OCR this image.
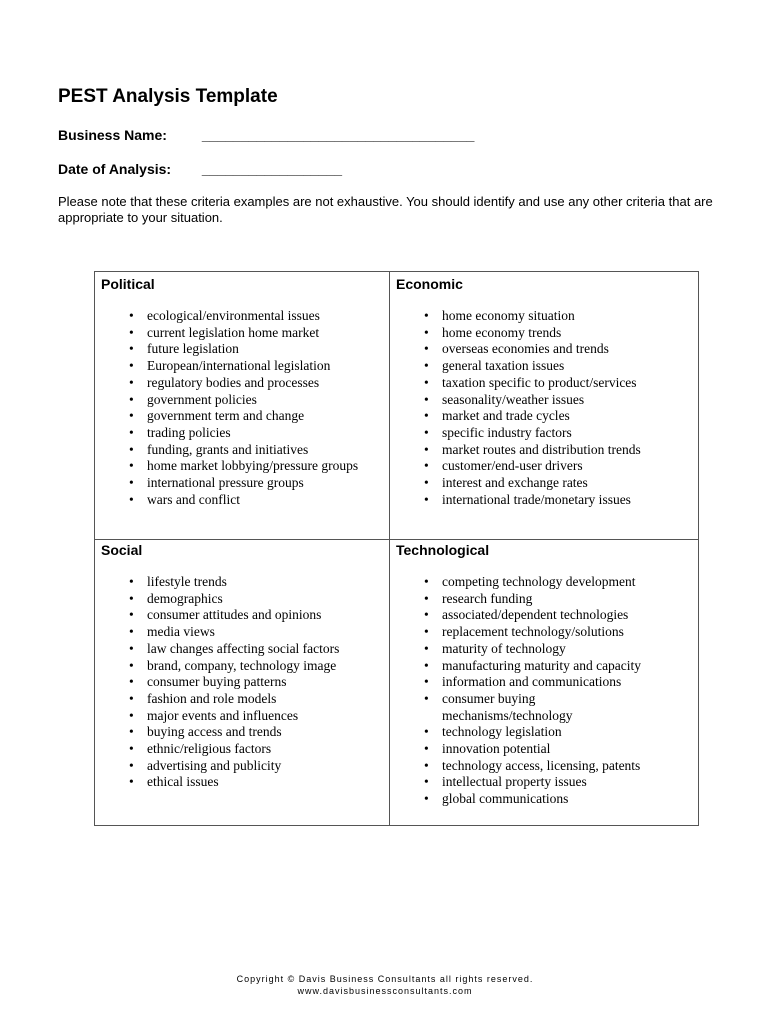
PEST Analysis Template
Business Name: ___________________________________
Date of Analysis: __________________
Please note that these criteria examples are not exhaustive. You should identify and use any other criteria that are appropriate to your situation.
Political
• ecological/environmental issues
• current legislation home market
• future legislation
• European/international legislation
• regulatory bodies and processes
• government policies
• government term and change
• trading policies
• funding, grants and initiatives
• home market lobbying/pressure groups
• international pressure groups
• wars and conflict
Economic
• home economy situation
• home economy trends
• overseas economies and trends
• general taxation issues
• taxation specific to product/services
• seasonality/weather issues
• market and trade cycles
• specific industry factors
• market routes and distribution trends
• customer/end-user drivers
• interest and exchange rates
• international trade/monetary issues
Social
• lifestyle trends
• demographics
• consumer attitudes and opinions
• media views
• law changes affecting social factors
• brand, company, technology image
• consumer buying patterns
• fashion and role models
• major events and influences
• buying access and trends
• ethnic/religious factors
• advertising and publicity
• ethical issues
Technological
• competing technology development
• research funding
• associated/dependent technologies
• replacement technology/solutions
• maturity of technology
• manufacturing maturity and capacity
• information and communications
• consumer buying mechanisms/technology
• technology legislation
• innovation potential
• technology access, licensing, patents
• intellectual property issues
• global communications
Copyright © Davis Business Consultants all rights reserved.
www.davisbusinessconsultants.com
